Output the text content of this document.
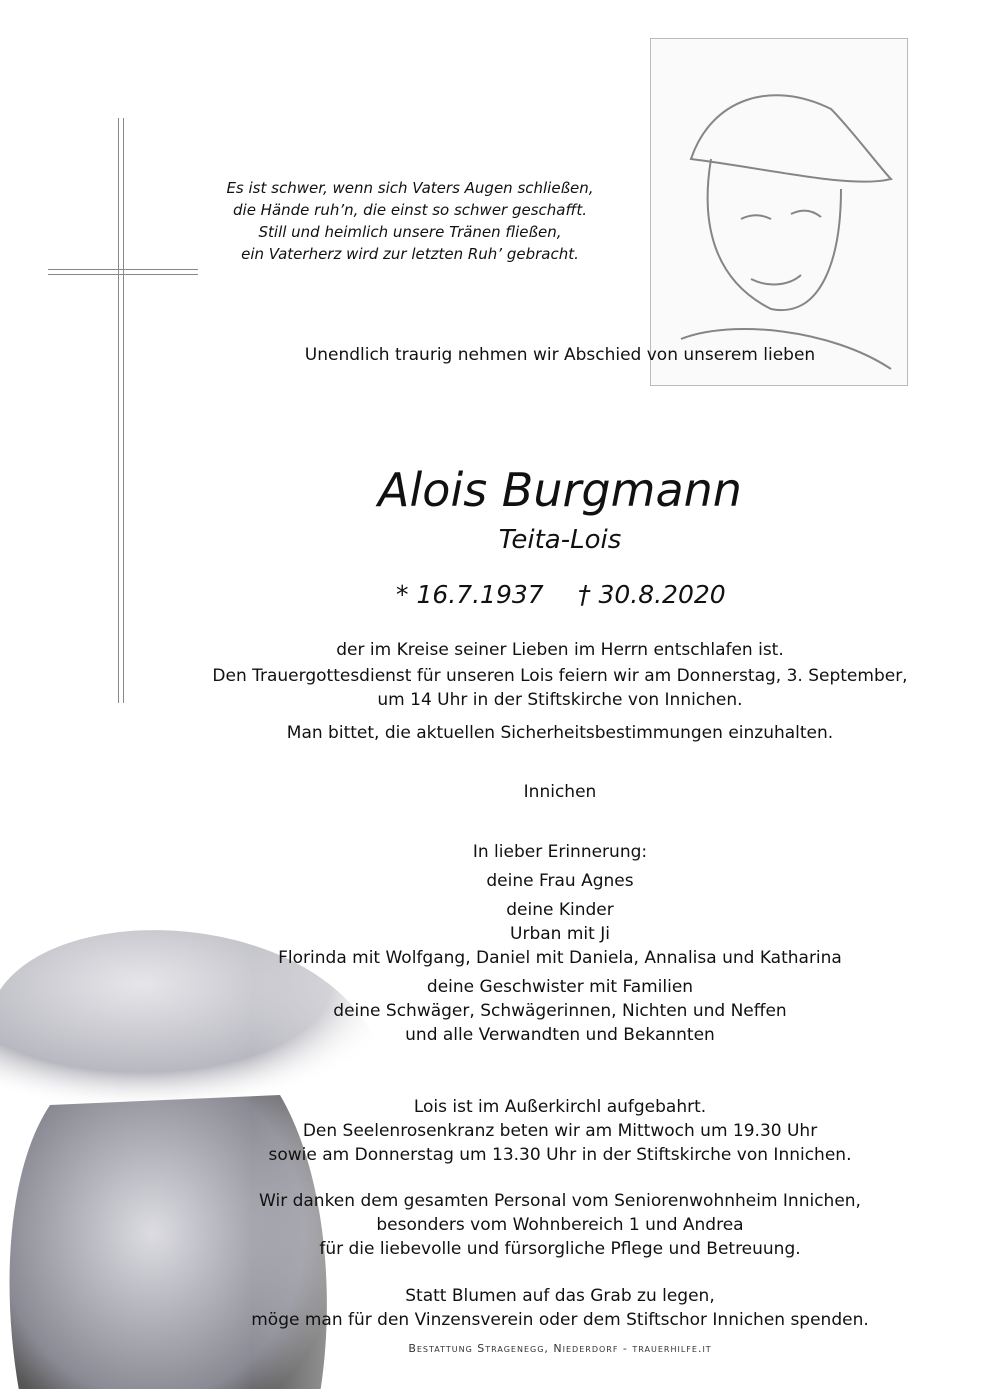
Es ist schwer, wenn sich Vaters Augen schließen,
die Hände ruh’n, die einst so schwer geschafft.
Still und heimlich unsere Tränen fließen,
ein Vaterherz wird zur letzten Ruh’ gebracht.
Unendlich traurig nehmen wir Abschied von unserem lieben
Alois Burgmann
Teita-Lois
* 16.7.1937 † 30.8.2020
der im Kreise seiner Lieben im Herrn entschlafen ist.
Den Trauergottesdienst für unseren Lois feiern wir am Donnerstag, 3. September,
um 14 Uhr in der Stiftskirche von Innichen.
Man bittet, die aktuellen Sicherheitsbestimmungen einzuhalten.
Innichen
In lieber Erinnerung:
deine Frau Agnes
deine Kinder
Urban mit Ji
Florinda mit Wolfgang, Daniel mit Daniela, Annalisa und Katharina
deine Geschwister mit Familien
deine Schwäger, Schwägerinnen, Nichten und Neffen
und alle Verwandten und Bekannten
Lois ist im Außerkirchl aufgebahrt.
Den Seelenrosenkranz beten wir am Mittwoch um 19.30 Uhr
sowie am Donnerstag um 13.30 Uhr in der Stiftskirche von Innichen.
Wir danken dem gesamten Personal vom Seniorenwohnheim Innichen,
besonders vom Wohnbereich 1 und Andrea
für die liebevolle und fürsorgliche Pflege und Betreuung.
Statt Blumen auf das Grab zu legen,
möge man für den Vinzensverein oder dem Stiftschor Innichen spenden.
Bestattung Stragenegg, Niederdorf - trauerhilfe.it
